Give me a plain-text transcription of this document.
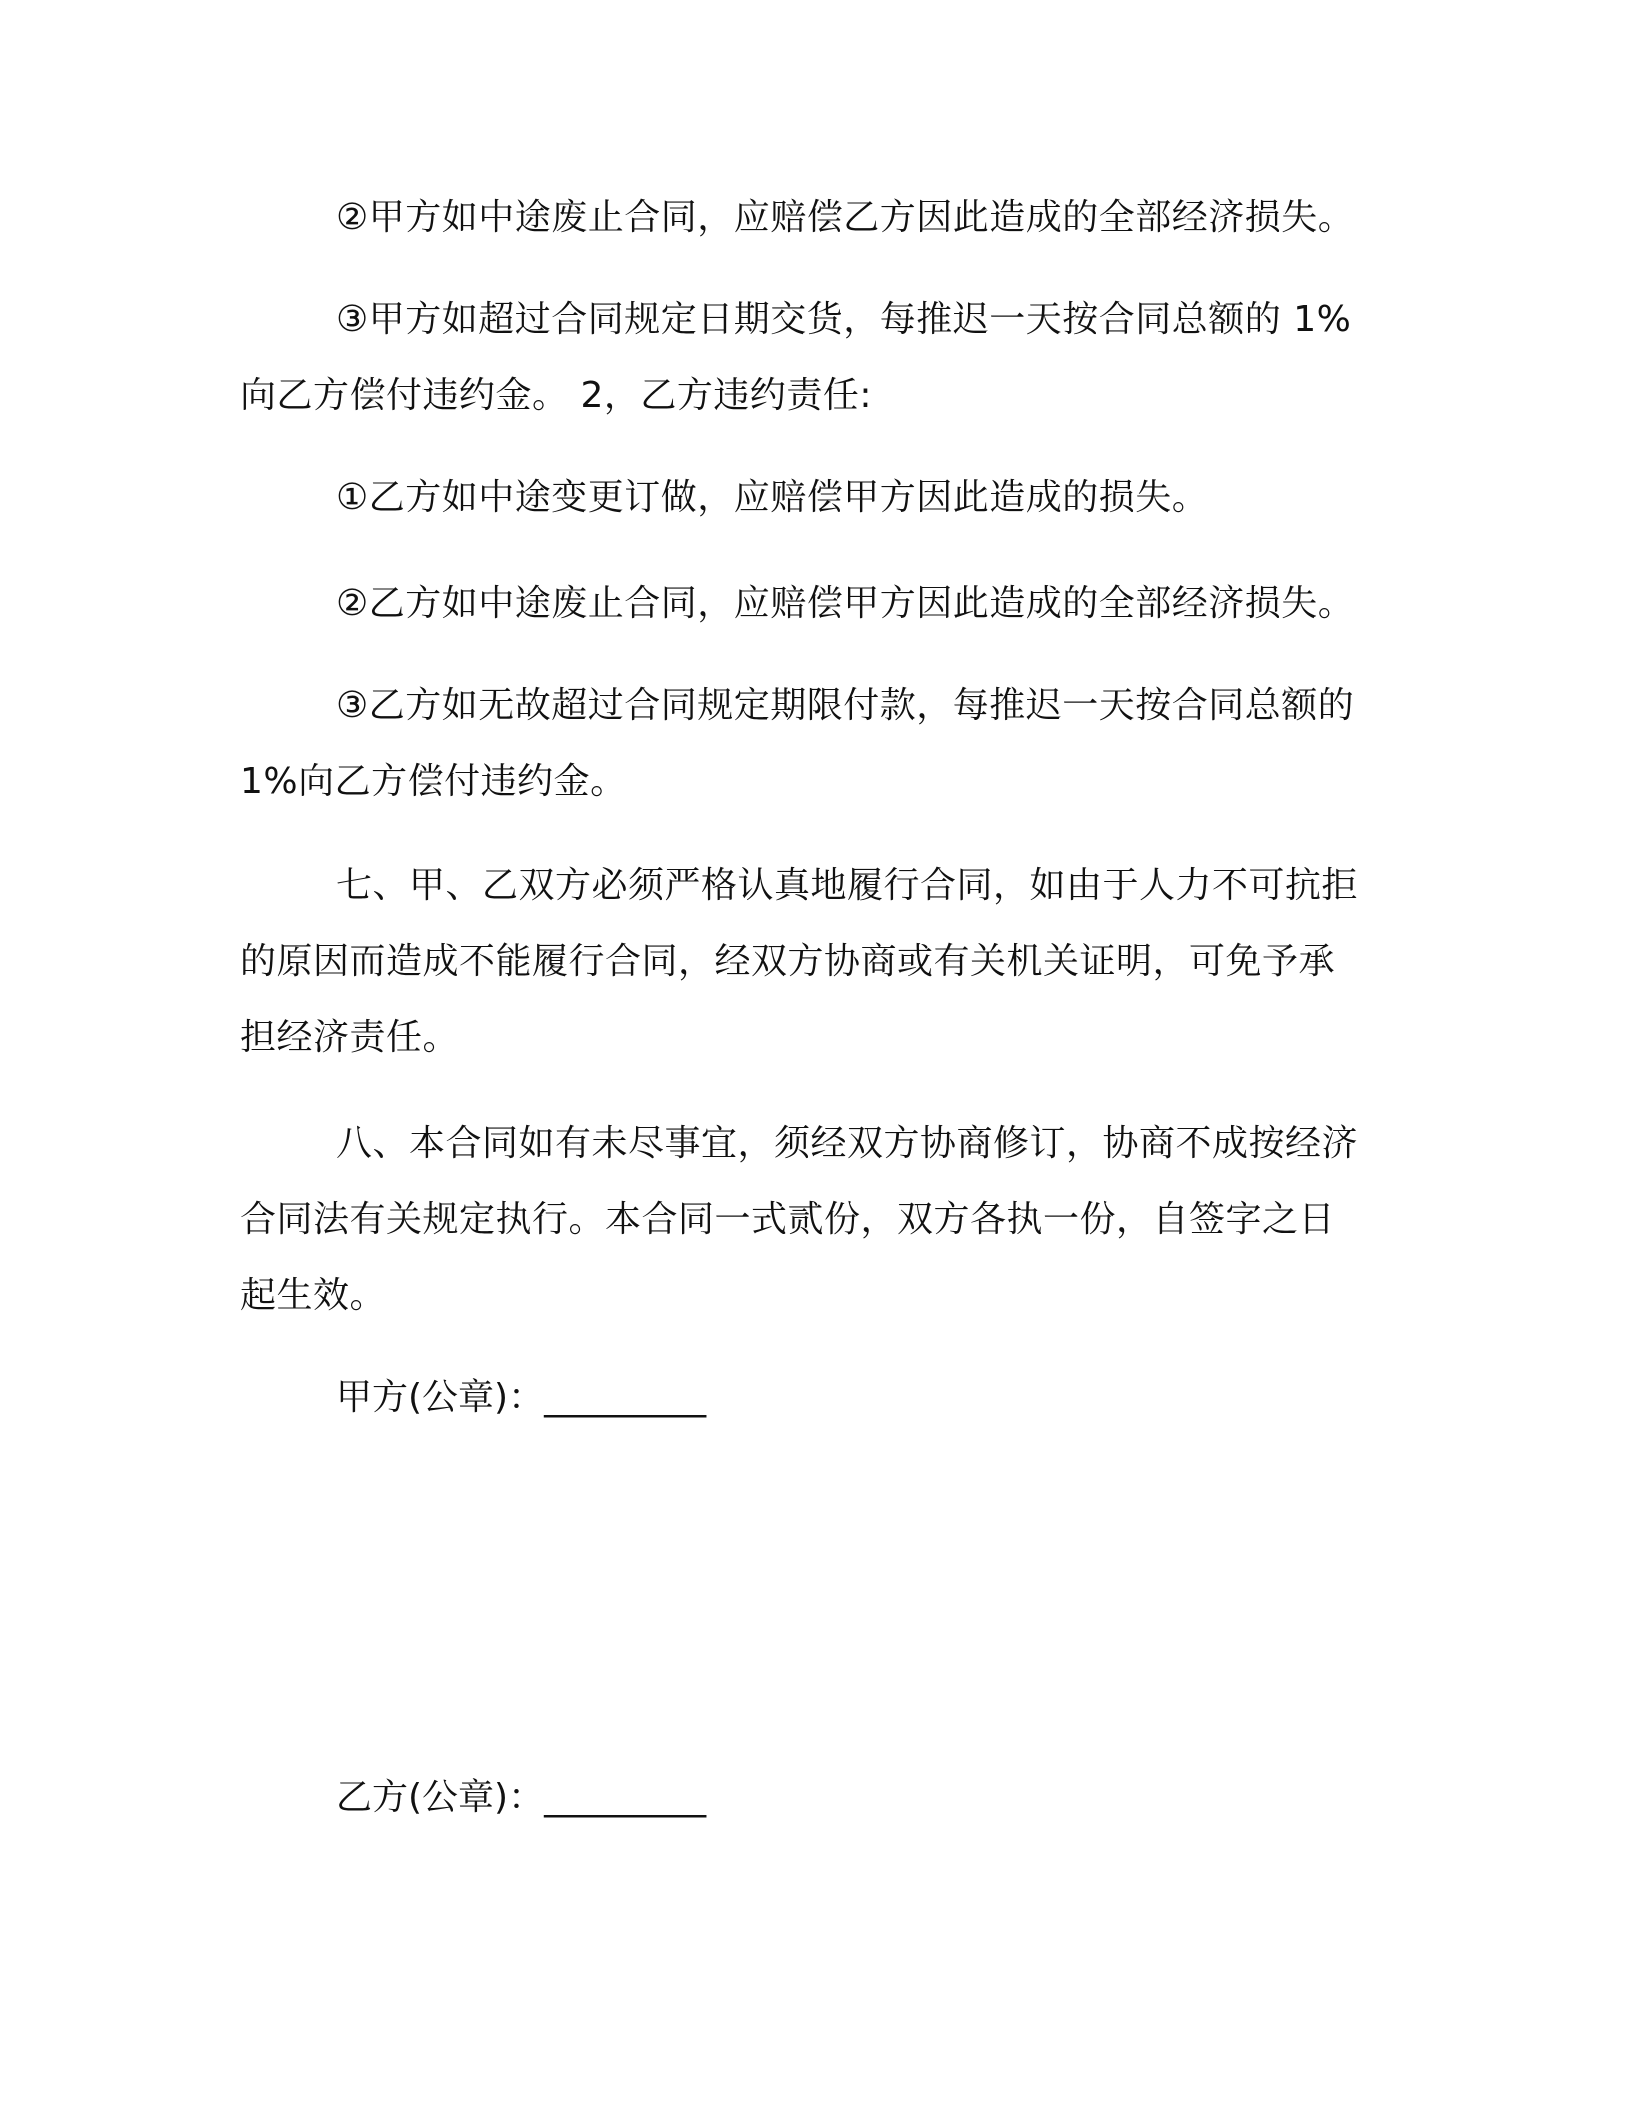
②甲方如中途废止合同，应赔偿乙方因此造成的全部经济损失。

③甲方如超过合同规定日期交货，每推迟一天按合同总额的 1%向乙方偿付违约金。 2，乙方违约责任:

①乙方如中途变更订做，应赔偿甲方因此造成的损失。

②乙方如中途废止合同，应赔偿甲方因此造成的全部经济损失。

③乙方如无故超过合同规定期限付款，每推迟一天按合同总额的1%向乙方偿付违约金。

七、甲、乙双方必须严格认真地履行合同，如由于人力不可抗拒的原因而造成不能履行合同，经双方协商或有关机关证明，可免予承担经济责任。

八、本合同如有未尽事宜，须经双方协商修订，协商不成按经济合同法有关规定执行。本合同一式贰份，双方各执一份，自签字之日起生效。

甲方(公章)：_________

乙方(公章)：_________
